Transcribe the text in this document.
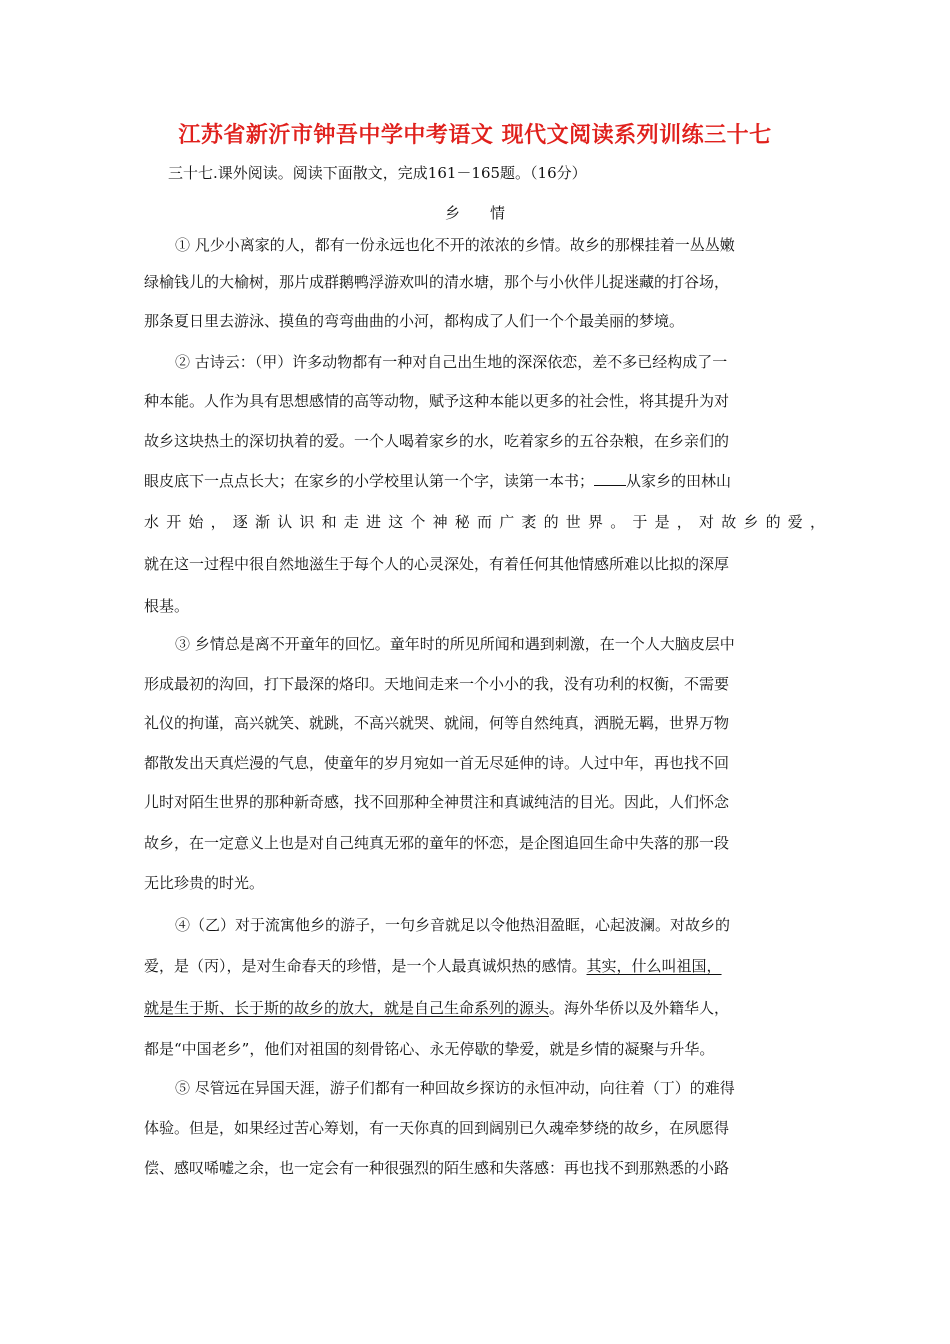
江苏省新沂市钟吾中学中考语文 现代文阅读系列训练三十七
三十七.课外阅读。阅读下面散文，完成161－165题。（16分）
乡情
① 凡少小离家的人，都有一份永远也化不开的浓浓的乡情。故乡的那棵挂着一丛丛嫩
绿榆钱儿的大榆树，那片成群鹅鸭浮游欢叫的清水塘，那个与小伙伴儿捉迷藏的打谷场，
那条夏日里去游泳、摸鱼的弯弯曲曲的小河，都构成了人们一个个最美丽的梦境。
② 古诗云：（甲）许多动物都有一种对自己出生地的深深依恋，差不多已经构成了一
种本能。人作为具有思想感情的高等动物，赋予这种本能以更多的社会性，将其提升为对
故乡这块热土的深切执着的爱。一个人喝着家乡的水，吃着家乡的五谷杂粮，在乡亲们的
眼皮底下一点点长大；在家乡的小学校里认第一个字，读第一本书； 从家乡的田林山
水开始，逐渐认识和走进这个神秘而广袤的世界。于是，对故乡的爱，
就在这一过程中很自然地滋生于每个人的心灵深处，有着任何其他情感所难以比拟的深厚
根基。
③ 乡情总是离不开童年的回忆。童年时的所见所闻和遇到刺激，在一个人大脑皮层中
形成最初的沟回，打下最深的烙印。天地间走来一个小小的我，没有功利的权衡，不需要
礼仪的拘谨，高兴就笑、就跳，不高兴就哭、就闹，何等自然纯真，洒脱无羁，世界万物
都散发出天真烂漫的气息，使童年的岁月宛如一首无尽延伸的诗。人过中年，再也找不回
儿时对陌生世界的那种新奇感，找不回那种全神贯注和真诚纯洁的目光。因此，人们怀念
故乡，在一定意义上也是对自己纯真无邪的童年的怀恋，是企图追回生命中失落的那一段
无比珍贵的时光。
④（乙）对于流寓他乡的游子，一句乡音就足以令他热泪盈眶，心起波澜。对故乡的
爱，是（丙），是对生命春天的珍惜，是一个人最真诚炽热的感情。其实，什么叫祖国，
就是生于斯、长于斯的故乡的放大，就是自己生命系列的源头。海外华侨以及外籍华人，
都是“中国老乡”，他们对祖国的刻骨铭心、永无停歇的挚爱，就是乡情的凝聚与升华。
⑤ 尽管远在异国天涯，游子们都有一种回故乡探访的永恒冲动，向往着（丁）的难得
体验。但是，如果经过苦心筹划，有一天你真的回到阔别已久魂牵梦绕的故乡，在夙愿得
偿、感叹唏嘘之余，也一定会有一种很强烈的陌生感和失落感：再也找不到那熟悉的小路
